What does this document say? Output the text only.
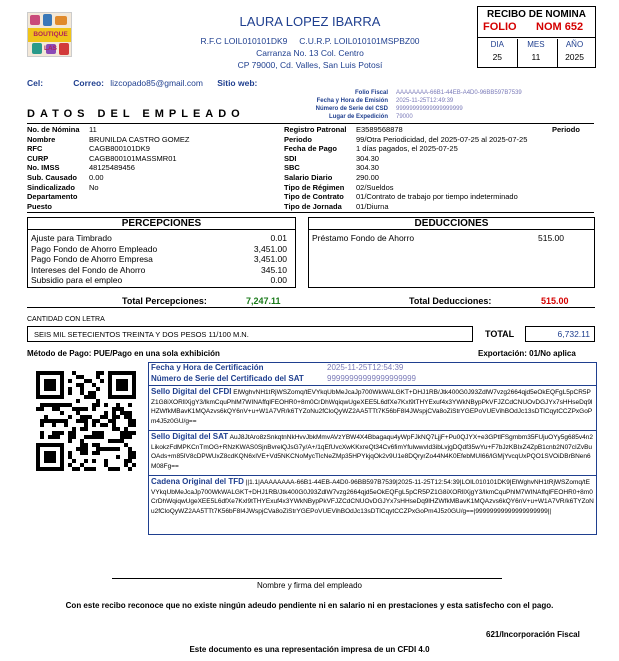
BOUTIQUE LAS
LAURA LOPEZ IBARRA
R.F.C LOIL010101DK9     C.U.R.P. LOIL010101MSPBZ00
Carranza No. 13 Col. Centro
CP 79000, Cd. Valles, San Luis Potosí
RECIBO DE NOMINA
FOLIO NOM 652
DIA	MES	AÑO
25	11	2025
Cel:	Correo: lizcopado85@gmail.com Sitio web:
Folio Fiscal AAAAAAAA-66B1-44EB-A4D0-96BB597B7539
Fecha y Hora de Emisión 2025-11-25T12:49:39
Número de Serie del CSD 99999999999999999999
Lugar de Expedición 79000
DATOS DEL EMPLEADO
No. de Nómina 11
Nombre	BRUNILDA CASTRO GOMEZ
RFC	CAGB800101DK9
CURP	CAGB800101MASSMR01
No. IMSS	48125489456
Sub. Causado 0.00
Sindicalizado No
Departamento
Puesto
Registro Patronal E3589568878
Periodo	99/Otra Periodicidad, del 2025-07-25 al 2025-07-25
Fecha de Pago	1 días pagados, el 2025-07-25
SDI	304.30
SBC	304.30
Salario Diario	290.00
Tipo de Régimen 02/Sueldos
Tipo de Contrato 01/Contrato de trabajo por tiempo indeterminado
Tipo de Jornada 01/Diurna
Periodo
PERCEPCIONES	DEDUCCIONES
Ajuste para Timbrado	0.01
Pago Fondo de Ahorro Empleado	3,451.00
Pago Fondo de Ahorro Empresa	3,451.00
Intereses del Fondo de Ahorro	345.10
Subsidio para el empleo	0.00
Préstamo Fondo de Ahorro	515.00
Total Percepciones:	7,247.11	Total Deducciones:	515.00
CANTIDAD CON LETRA
SEIS MIL SETECIENTOS TREINTA Y DOS PESOS 11/100 M.N.	TOTAL	6,732.11
Método de Pago: PUE/Pago en una sola exhibición	Exportación: 01/No aplica
Fecha y Hora de Certificación	2025-11-25T12:54:39
Número de Serie del Certificado del SAT	99999999999999999999
Sello Digital del CFDI ElWghvNH1tRjWSZomq/tEVYkqUbMeJcaJp700WkWALGKT+DHJ1RB/Jtk400G0J93ZdlW7vzg2664qjd5eOkEQFgL5pCR5PZ1G8iXORllXjgY3/lkmCquPhlM7WINAffqlFEOHR0+8m0CrDhWqiqwUgeXEE5L6dfXe7Kxl9tTHYExuf4x3YWkNBypPkVFJZCdCNUOvDGJYx7sHHseDq9lHZWfkMBavK1MQAzvs6kQY6nV+u+W1A7VR/k6TYZoNu2fCloQyWZ2AA5TTt7K56bF8I4JWspjCVa8oZiStrYGEPoVUEVihBOdJc13sDTlCqytCCZPxGoPm4J5z0GU/g==
Sello Digital del SAT AuJ8JtAro8zSnkqtnNkHvvJbkMmvAVzYBW4X4Bbagaqu4yWpFJkNQ7LjjF+Pu0QJYX+e3GPtlFSgmbm35FUjuOYy5g685v4n2LikokzFdMPKCnTmOG+RNzKWAS0SjnBvrelQJsG7y/A+/1qEfUvcXwKKxreQt34Cv6fimYfulwwvId3ibLvjgDQdf35wYu+F7bJzKBIxZ4ZpB1cnb2N07cIZvBuOAds+m85IV8cDPWUxZ8cdKQN6xIVE+Vd5NKCNoMycTlcNeZMp35HPYkjqOk2v9U1e8DQryrZo44N4K0EfebMUI66/lGMjYvcqUxPQO1SVOiDBrBNen6M08Fg==
Cadena Original del TFD ||1.1|AAAAAAAA-66B1-44EB-A4D0-96BB597B7539|2025-11-25T12:54:39|LOIL010101DK9|ElWghvNH1tRjWSZomq/tEVYkqUbMeJcaJp700WkWALGKT+DHJ1RB/Jtk400G0J93ZdlW7vzg2664qjd5eOkEQFgL5pCR5PZ1G8iXORllXjgY3/lkmCquPhlM7WINAffqlFEOHR0+8m0CrDhWqiqwUgeXEE5L6dfXe7Kxl9tTHYExuf4x3YWkNBypPkVFJZCdCNUOvDGJYx7sHHseDq9lHZWfkMBavK1MQAzvs6kQY6nV+u+W1A7VR/k6TYZoNu2fCloQyWZ2AA5TTt7K56bF8I4JWspjCVa8oZiStrYGEPoVUEVihBOdJc13sDTlCqytCCZPxGoPm4J5z0GU/g==|99999999999999999999||
Nombre y firma del empleado
Con este recibo reconoce que no existe ningún adeudo pendiente ni en salario ni en prestaciones y esta satisfecho con el pago.
621/Incorporación Fiscal
Este documento es una representación impresa de un CFDI 4.0
